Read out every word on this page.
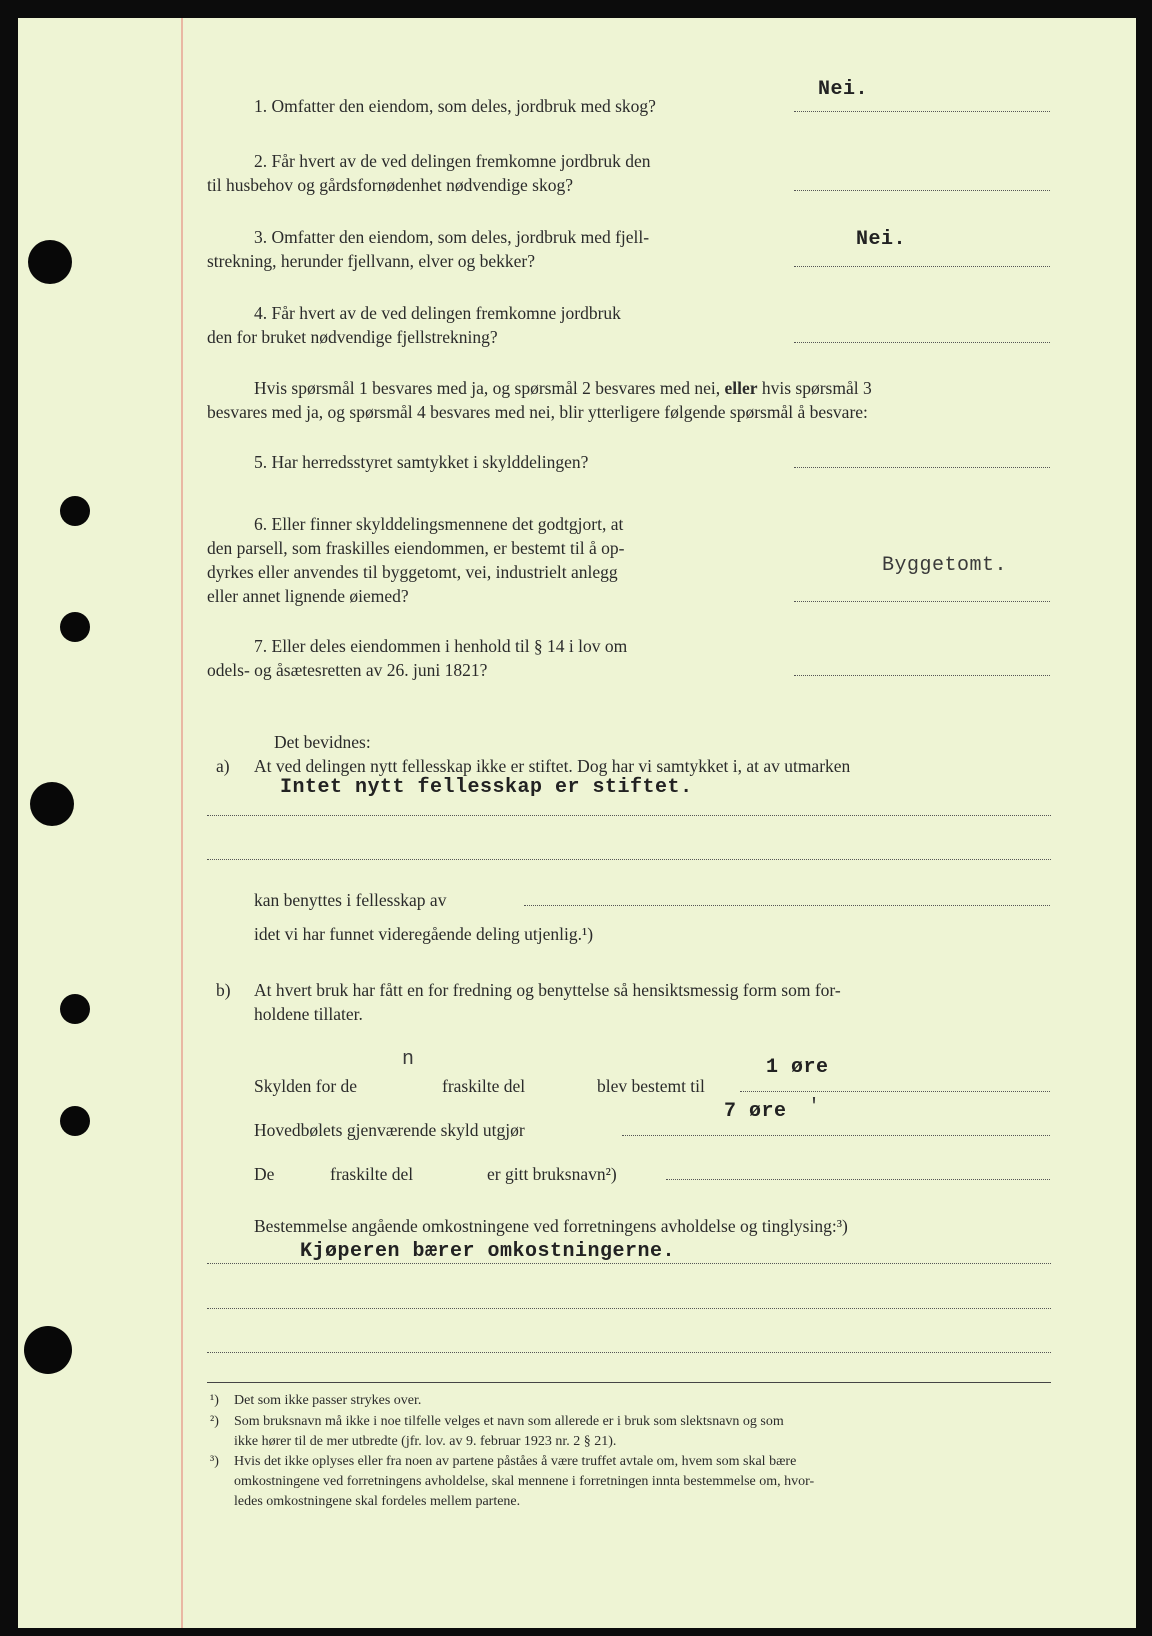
1. Omfatter den eiendom, som deles, jordbruk med skog?
Nei.
2. Får hvert av de ved delingen fremkomne jordbruk den
til husbehov og gårdsfornødenhet nødvendige skog?
3. Omfatter den eiendom, som deles, jordbruk med fjell-
strekning, herunder fjellvann, elver og bekker?
Nei.
4. Får hvert av de ved delingen fremkomne jordbruk
den for bruket nødvendige fjellstrekning?
Hvis spørsmål 1 besvares med ja, og spørsmål 2 besvares med nei, eller hvis spørsmål 3
besvares med ja, og spørsmål 4 besvares med nei, blir ytterligere følgende spørsmål å besvare:
5. Har herredsstyret samtykket i skylddelingen?
6. Eller finner skylddelingsmennene det godtgjort, at
den parsell, som fraskilles eiendommen, er bestemt til å op-
dyrkes eller anvendes til byggetomt, vei, industrielt anlegg
eller annet lignende øiemed?
Byggetomt.
7. Eller deles eiendommen i henhold til § 14 i lov om
odels- og åsætesretten av 26. juni 1821?
Det bevidnes:
a) At ved delingen nytt fellesskap ikke er stiftet. Dog har vi samtykket i, at av utmarken
Intet nytt fellesskap er stiftet.
kan benyttes i fellesskap av
idet vi har funnet videregående deling utjenlig.¹)
b) At hvert bruk har fått en for fredning og benyttelse så hensiktsmessig form som for-
holdene tillater.
Skylden for de
n
fraskilte del	blev bestemt til
1 øre
Hovedbølets gjenværende skyld utgjør
7 øre '
De	fraskilte del	er gitt bruksnavn²)
Bestemmelse angående omkostningene ved forretningens avholdelse og tinglysing:³)
Kjøperen bærer omkostningerne.
¹) Det som ikke passer strykes over.
²) Som bruksnavn må ikke i noe tilfelle velges et navn som allerede er i bruk som slektsnavn og som
ikke hører til de mer utbredte (jfr. lov. av 9. februar 1923 nr. 2 § 21).
³) Hvis det ikke oplyses eller fra noen av partene påståes å være truffet avtale om, hvem som skal bære
omkostningene ved forretningens avholdelse, skal mennene i forretningen innta bestemmelse om, hvor-
ledes omkostningene skal fordeles mellem partene.
